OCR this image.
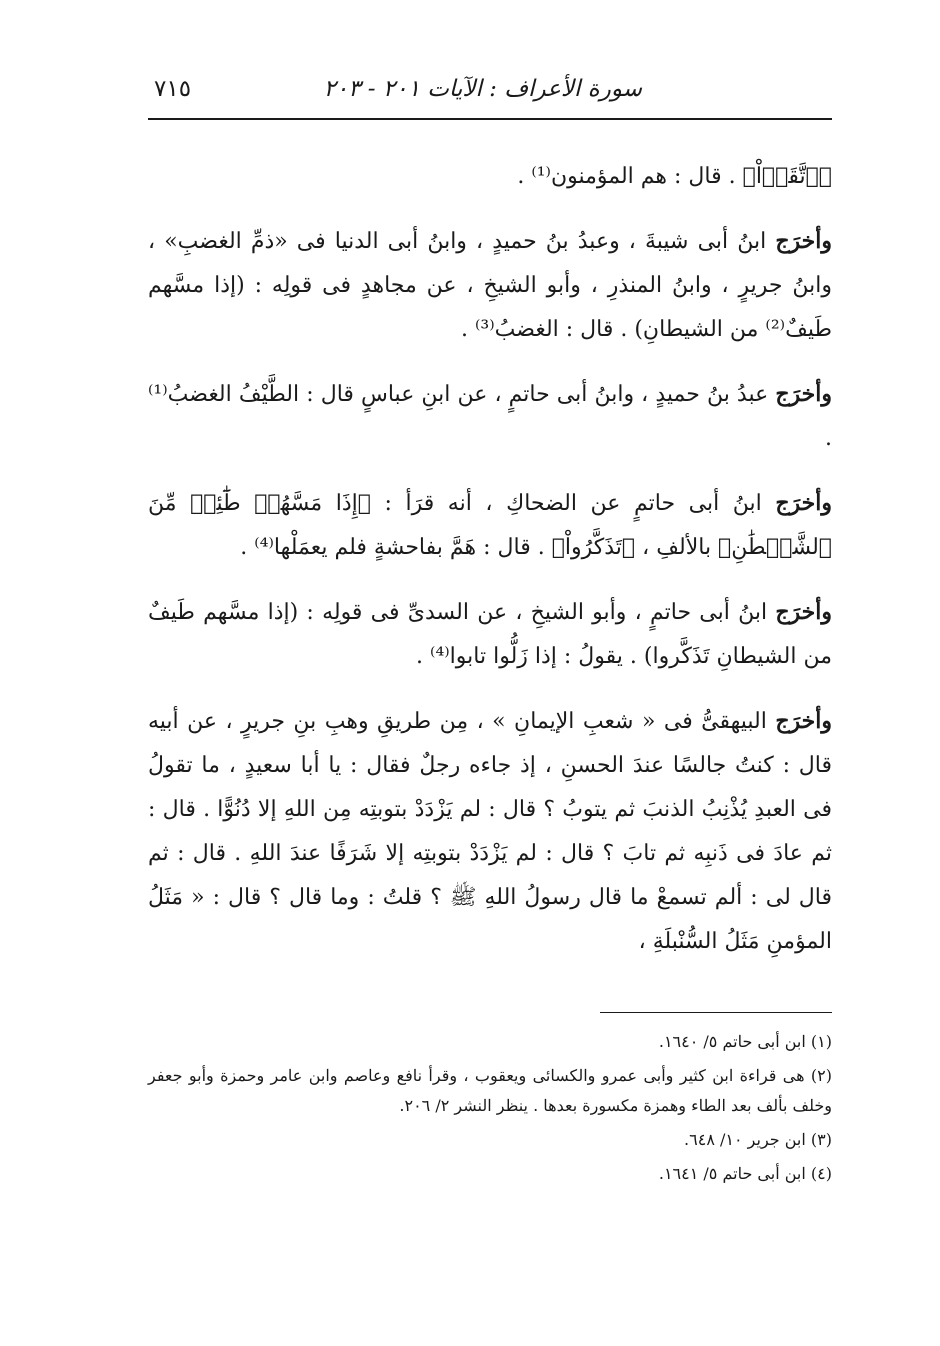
سورة الأعراف : الآيات ٢٠١ - ٢٠٣
٧١٥

﴿ٱتَّقَوۡاْ﴾ . قال : هم المؤمنون⁽¹⁾ .

وأخرَج ابنُ أبى شيبةَ ، وعبدُ بنُ حميدٍ ، وابنُ أبى الدنيا فى «ذمِّ الغضبِ» ، وابنُ جريرٍ ، وابنُ المنذرِ ، وأبو الشيخِ ، عن مجاهدٍ فى قولِه : (إذا مسَّهم طَيفٌ⁽²⁾ من الشيطانِ) . قال : الغضبُ⁽³⁾ .

وأخرَج عبدُ بنُ حميدٍ ، وابنُ أبى حاتمٍ ، عن ابنِ عباسٍ قال : الطَّيْفُ الغضبُ⁽¹⁾ .

وأخرَج ابنُ أبى حاتمٍ عن الضحاكِ ، أنه قرَأ : ﴿إِذَا مَسَّهُمۡ طَٰٓئِفٞ مِّنَ ٱلشَّيۡطَٰنِ﴾ بالألفِ ، ﴿تَذَكَّرُواْ﴾ . قال : هَمَّ بفاحشةٍ فلم يعمَلْها⁽⁴⁾ .

وأخرَج ابنُ أبى حاتمٍ ، وأبو الشيخِ ، عن السدىِّ فى قولِه : (إذا مسَّهم طَيفٌ من الشيطانِ تَذَكَّروا) . يقولُ : إذا زَلُّوا تابوا⁽⁴⁾ .

وأخرَج البيهقىُّ فى « شعبِ الإيمانِ » ، مِن طريقِ وهبِ بنِ جريرٍ ، عن أبيه قال : كنتُ جالسًا عندَ الحسنِ ، إذ جاءه رجلٌ فقال : يا أبا سعيدٍ ، ما تقولُ فى العبدِ يُذْنِبُ الذنبَ ثم يتوبُ ؟ قال : لم يَزْدَدْ بتوبتِه مِن اللهِ إلا دُنُوًّا . قال : ثم عادَ فى ذَنبِه ثم تابَ ؟ قال : لم يَزْدَدْ بتوبتِه إلا شَرَفًا عندَ اللهِ . قال : ثم قال لى : ألم تسمعْ ما قال رسولُ اللهِ ﷺ ؟ قلتُ : وما قال ؟ قال : « مَثَلُ المؤمنِ مَثَلُ السُّنْبلَةِ ،

(١) ابن أبى حاتم ٥/ ١٦٤٠.

(٢) هى قراءة ابن كثير وأبى عمرو والكسائى ويعقوب ، وقرأ نافع وعاصم وابن عامر وحمزة وأبو جعفر وخلف بألف بعد الطاء وهمزة مكسورة بعدها . ينظر النشر ٢/ ٢٠٦.

(٣) ابن جرير ١٠/ ٦٤٨.

(٤) ابن أبى حاتم ٥/ ١٦٤١.
